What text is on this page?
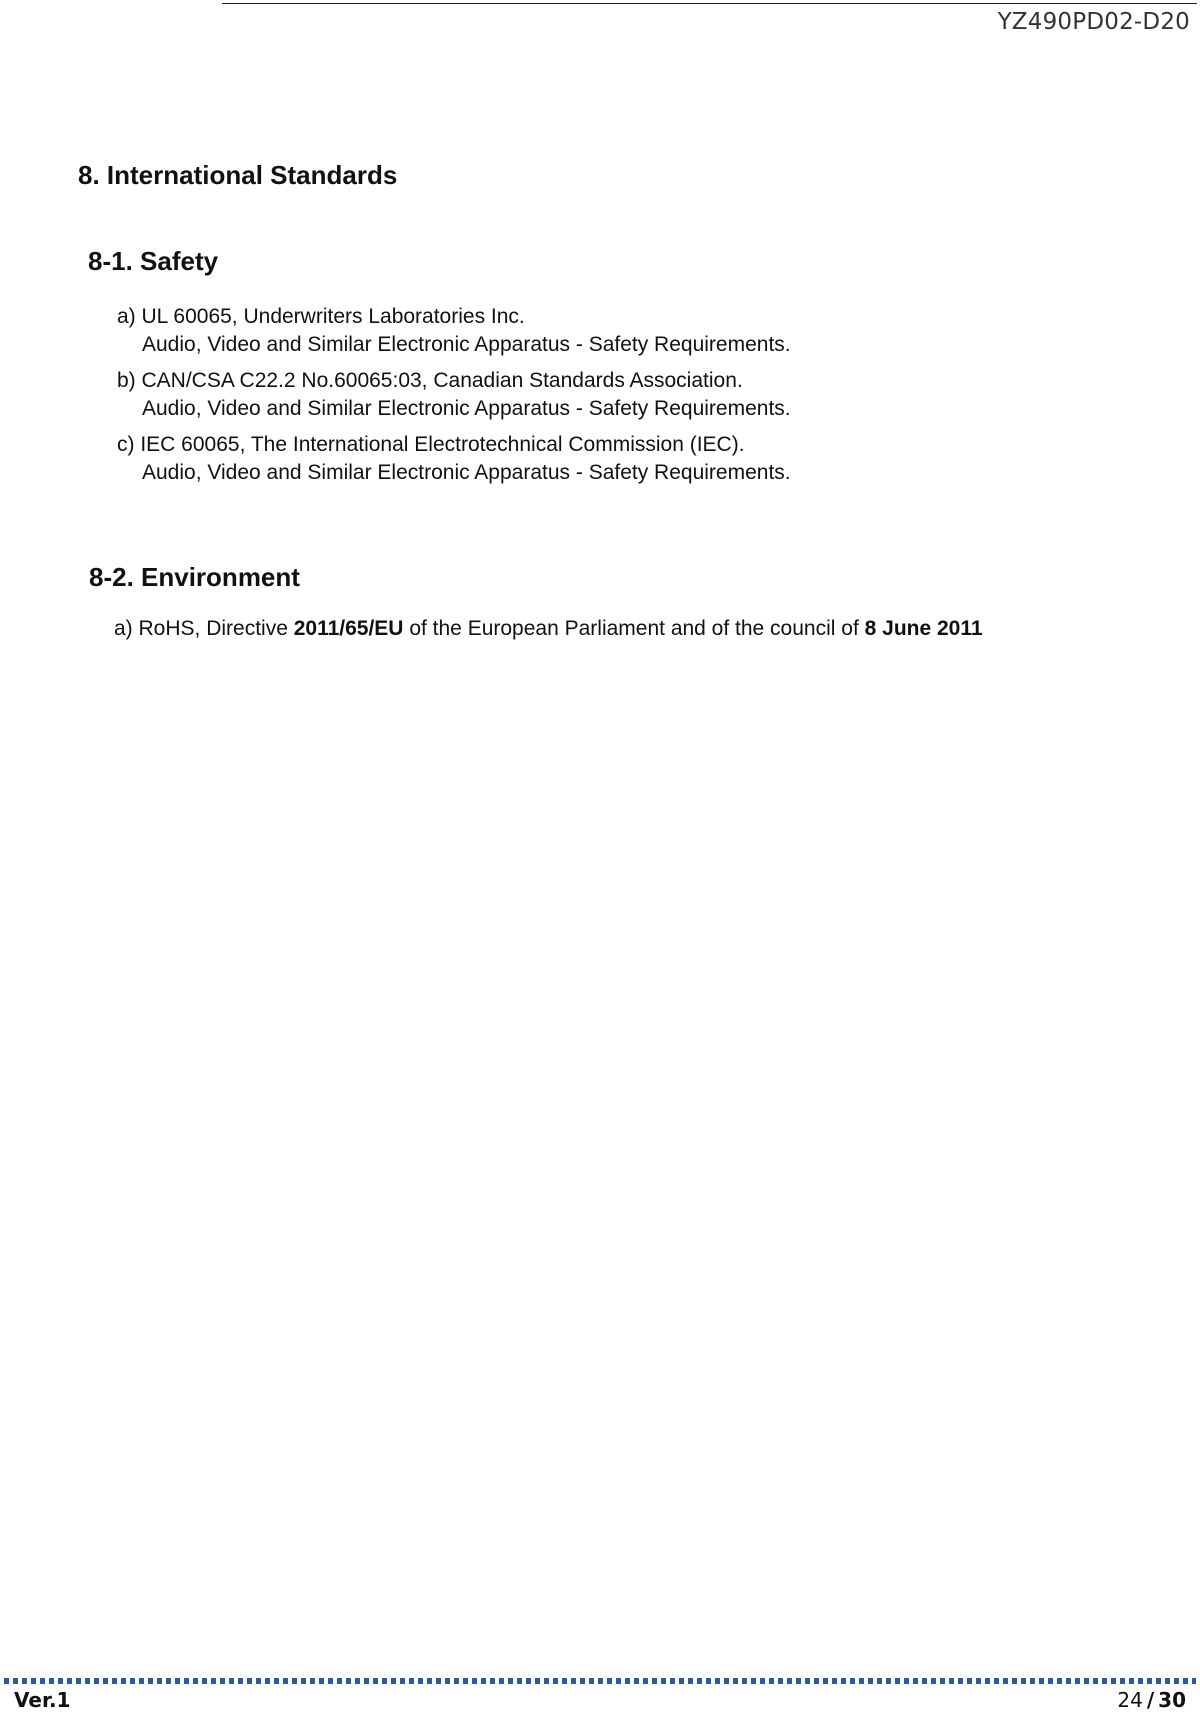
YZ490PD02-D20
8. International Standards
8-1. Safety
a) UL 60065, Underwriters Laboratories Inc.
Audio, Video and Similar Electronic Apparatus - Safety Requirements.
b) CAN/CSA C22.2 No.60065:03, Canadian Standards Association.
Audio, Video and Similar Electronic Apparatus - Safety Requirements.
c) IEC 60065, The International Electrotechnical Commission (IEC).
Audio, Video and Similar Electronic Apparatus - Safety Requirements.
8-2. Environment
a) RoHS, Directive 2011/65/EU of the European Parliament and of the council of 8 June 2011
Ver.1	24 / 30
